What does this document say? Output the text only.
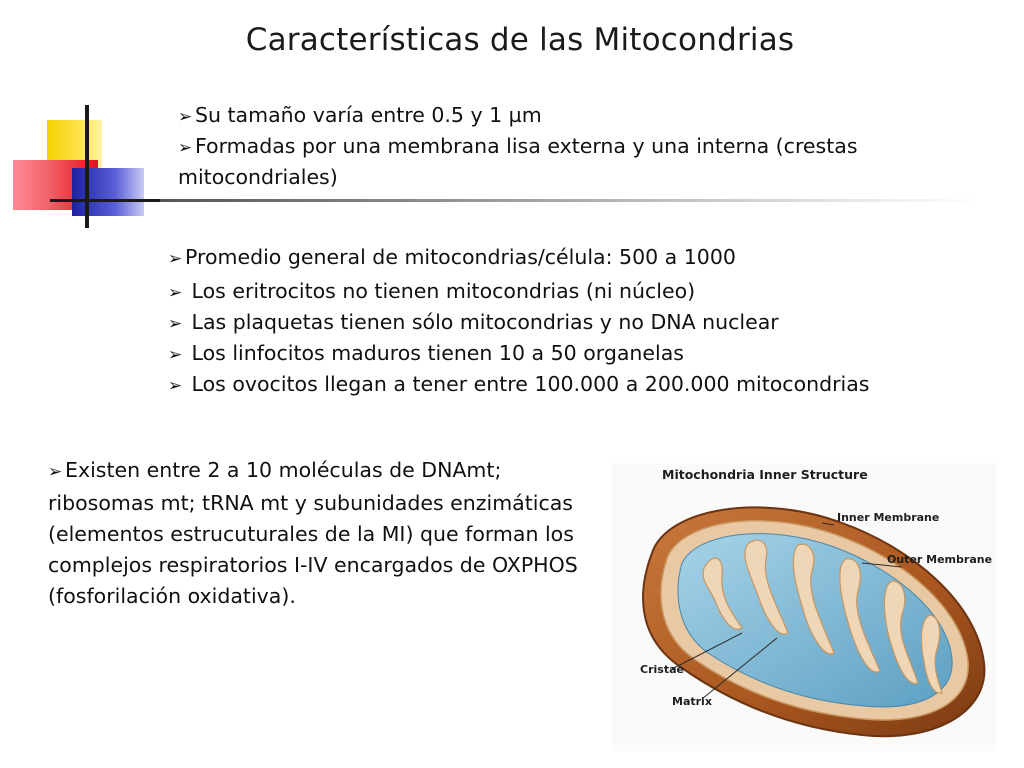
Características de las Mitocondrias
➢ Su tamaño varía entre 0.5 y 1 µm
➢ Formadas por una membrana lisa externa y una interna (crestas mitocondriales)
➢ Promedio general de mitocondrias/célula: 500 a 1000
➢ Los eritrocitos no tienen mitocondrias (ni núcleo)
➢ Las plaquetas tienen sólo mitocondrias y no DNA nuclear
➢ Los linfocitos maduros tienen 10 a 50 organelas
➢ Los ovocitos llegan a tener entre 100.000 a 200.000 mitocondrias
➢ Existen entre 2 a 10 moléculas de DNAmt; ribosomas mt; tRNA mt y subunidades enzimáticas (elementos estrucuturales de la MI) que forman los complejos respiratorios I-IV encargados de OXPHOS (fosforilación oxidativa).
Mitochondria Inner Structure
Inner Membrane
Outer Membrane
Cristae
Matrix
